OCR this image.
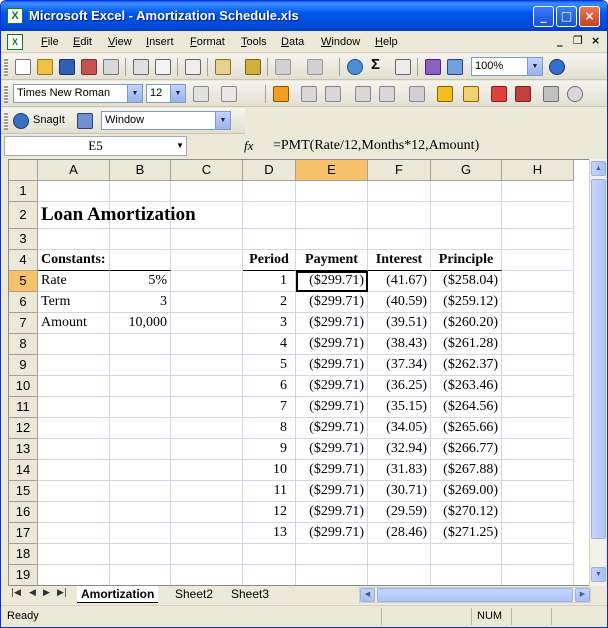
X Microsoft Excel - Amortization Schedule.xls	_	□	×
X	File Edit View Insert Format Tools Data Window Help	_ ❐ ×
Σ	100%	▼
Times New Roman	▼	12	▼
SnagIt	Window	▼
E5	▼	fx =PMT(Rate/12,Months*12,Amount)
A	B	C	D	E	F	G	H
1
2
3
4
5
6
7
8
9
10
11
12
13
14
15
16
17
18
19
Loan Amortization
Constants:
Rate	5%
Term	3
Amount	10,000
Period	Payment	Interest	Principle
1	($299.71)	(41.67)	($258.04)
2	($299.71)	(40.59)	($259.12)
3	($299.71)	(39.51)	($260.20)
4	($299.71)	(38.43)	($261.28)
5	($299.71)	(37.34)	($262.37)
6	($299.71)	(36.25)	($263.46)
7	($299.71)	(35.15)	($264.56)
8	($299.71)	(34.05)	($265.66)
9	($299.71)	(32.94)	($266.77)
10	($299.71)	(31.83)	($267.88)
11	($299.71)	(30.71)	($269.00)
12	($299.71)	(29.59)	($270.12)
13	($299.71)	(28.46)	($271.25)
▲
▼
|◀ ◀ ▶ ▶|	Amortization	Sheet2	Sheet3	◀	▶
Ready	NUM
